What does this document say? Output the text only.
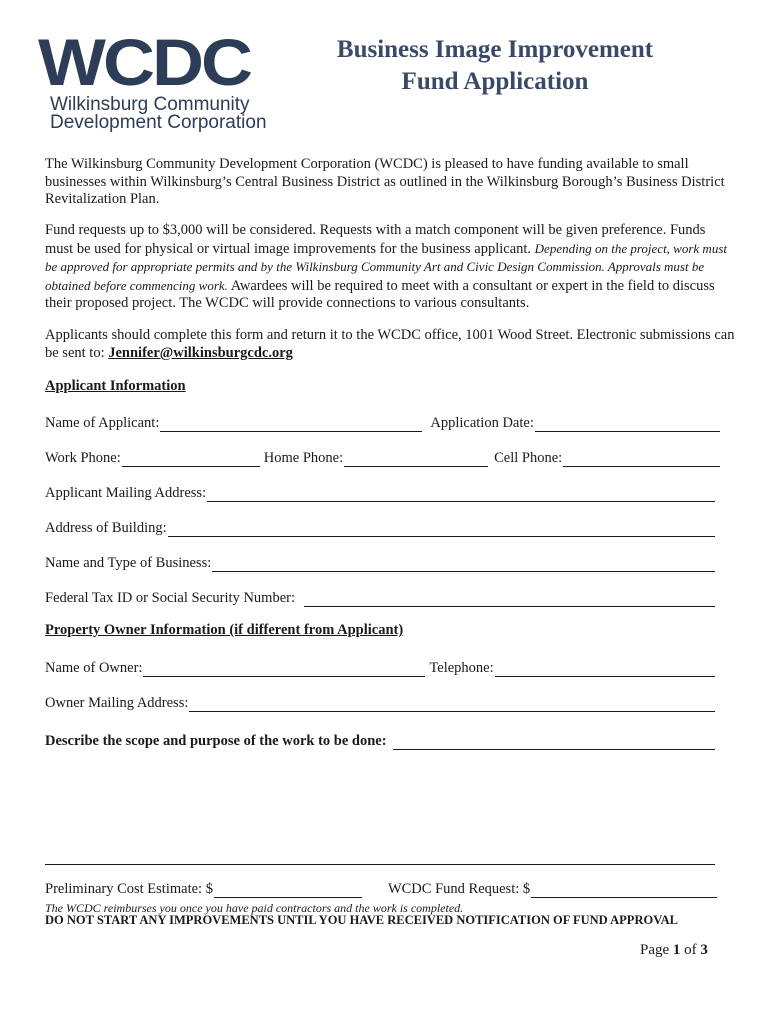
WCDC
Wilkinsburg Community
Development Corporation
Business Image Improvement
Fund Application
The Wilkinsburg Community Development Corporation (WCDC) is pleased to have funding available to small businesses within Wilkinsburg’s Central Business District as outlined in the Wilkinsburg Borough’s Business District Revitalization Plan.
Fund requests up to $3,000 will be considered. Requests with a match component will be given preference. Funds must be used for physical or virtual image improvements for the business applicant. Depending on the project, work must be approved for appropriate permits and by the Wilkinsburg Community Art and Civic Design Commission. Approvals must be obtained before commencing work. Awardees will be required to meet with a consultant or expert in the field to discuss their proposed project. The WCDC will provide connections to various consultants.
Applicants should complete this form and return it to the WCDC office, 1001 Wood Street. Electronic submissions can be sent to: Jennifer@wilkinsburgcdc.org
Applicant Information
Name of Applicant:	Application Date:
Work Phone:	Home Phone:	Cell Phone:
Applicant Mailing Address:
Address of Building:
Name and Type of Business:
Federal Tax ID or Social Security Number:
Property Owner Information (if different from Applicant)
Name of Owner:	Telephone:
Owner Mailing Address:
Describe the scope and purpose of the work to be done:
Preliminary Cost Estimate: $	WCDC Fund Request: $
The WCDC reimburses you once you have paid contractors and the work is completed.
DO NOT START ANY IMPROVEMENTS UNTIL YOU HAVE RECEIVED NOTIFICATION OF FUND APPROVAL
Page 1 of 3
